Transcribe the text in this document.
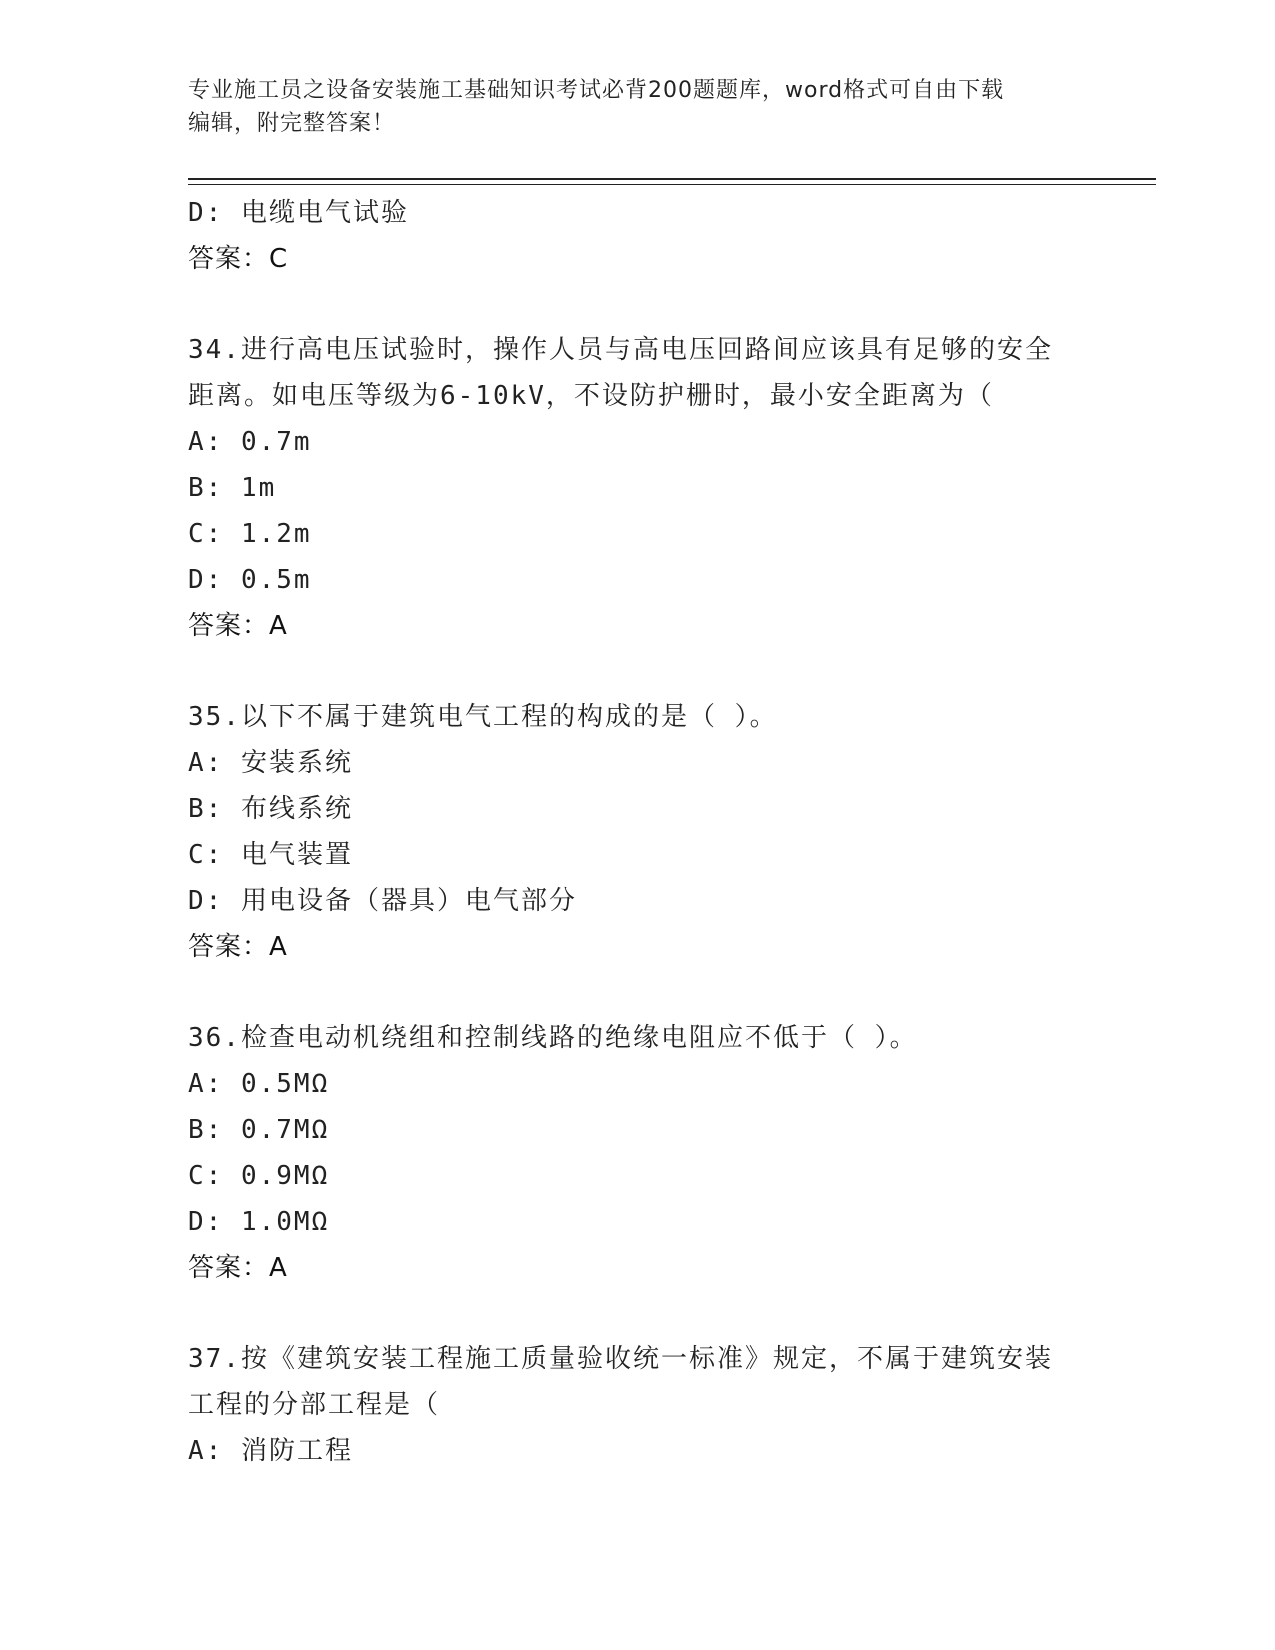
专业施工员之设备安装施工基础知识考试必背200题题库，word格式可自由下载
编辑，附完整答案！
D: 电缆电气试验
答案：C
34.进行高电压试验时，操作人员与高电压回路间应该具有足够的安全
距离。如电压等级为6-10kV，不设防护栅时，最小安全距离为（
A: 0.7m
B: 1m
C: 1.2m
D: 0.5m
答案：A
35.以下不属于建筑电气工程的构成的是（ ）。
A: 安装系统
B: 布线系统
C: 电气装置
D: 用电设备（器具）电气部分
答案：A
36.检查电动机绕组和控制线路的绝缘电阻应不低于（ ）。
A: 0.5MΩ
B: 0.7MΩ
C: 0.9MΩ
D: 1.0MΩ
答案：A
37.按《建筑安装工程施工质量验收统一标准》规定，不属于建筑安装
工程的分部工程是（
A: 消防工程
